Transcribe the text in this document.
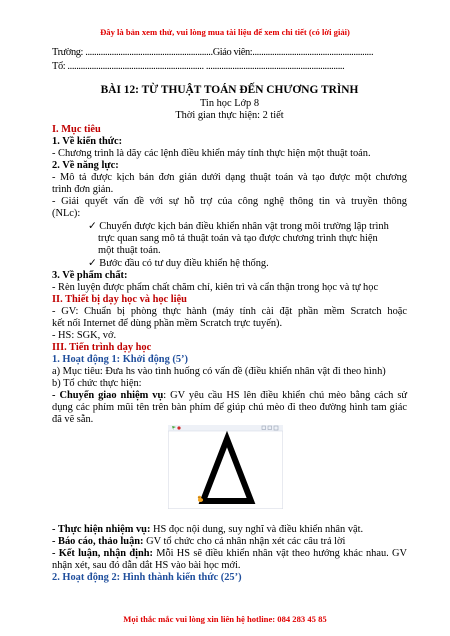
Đây là bản xem thử, vui lòng mua tài liệu để xem chi tiết (có lời giải)
Trường: ..........................................................Giáo viên:.......................................................
Tổ: .............................................................. ...............................................................
BÀI 12: TỪ THUẬT TOÁN ĐẾN CHƯƠNG TRÌNH
Tin học Lớp 8
Thời gian thực hiện: 2 tiết
I. Mục tiêu
1. Về kiến thức:
- Chương trình là dãy các lệnh điều khiển máy tính thực hiện một thuật toán.
2. Về năng lực:
- Mô tả được kịch bản đơn giản dưới dạng thuật toán và tạo được một chương
trình đơn giản.
- Giải quyết vấn đề với sự hỗ trợ của công nghệ thông tin và truyền thông
(NLc):
✓ Chuyển được kịch bản điều khiển nhân vật trong môi trường lập trình
trực quan sang mô tả thuật toán và tạo được chương trình thực hiện
một thuật toán.
✓ Bước đầu có tư duy điều khiển hệ thống.
3. Về phẩm chất:
- Rèn luyện được phẩm chất chăm chỉ, kiên trì và cẩn thận trong học và tự học
II. Thiết bị dạy học và học liệu
- GV: Chuẩn bị phòng thực hành (máy tính cài đặt phần mềm Scratch hoặc
kết nối Internet để dùng phần mềm Scratch trực tuyến).
- HS: SGK, vở.
III. Tiến trình dạy học
1. Hoạt động 1: Khởi động (5’)
a) Mục tiêu: Đưa hs vào tình huống có vấn đề (điều khiển nhân vật đi theo hình)
b) Tổ chức thực hiện:
- Chuyển giao nhiệm vụ: GV yêu cầu HS lên điều khiển chú mèo bằng cách sử
dụng các phím mũi tên trên bàn phím để giúp chú mèo đi theo đường hình tam giác
đã vẽ sẵn.
- Thực hiện nhiệm vụ: HS đọc nội dung, suy nghĩ và điều khiển nhân vật.
- Báo cáo, thảo luận: GV tổ chức cho cả nhân nhận xét các câu trả lời
- Kết luận, nhận định: Mỗi HS sẽ điều khiển nhân vật theo hướng khác nhau. GV
nhận xét, sau đó dẫn dắt HS vào bài học mới.
2. Hoạt động 2: Hình thành kiến thức (25’)
Mọi thắc mắc vui lòng xin liên hệ hotline: 084 283 45 85
